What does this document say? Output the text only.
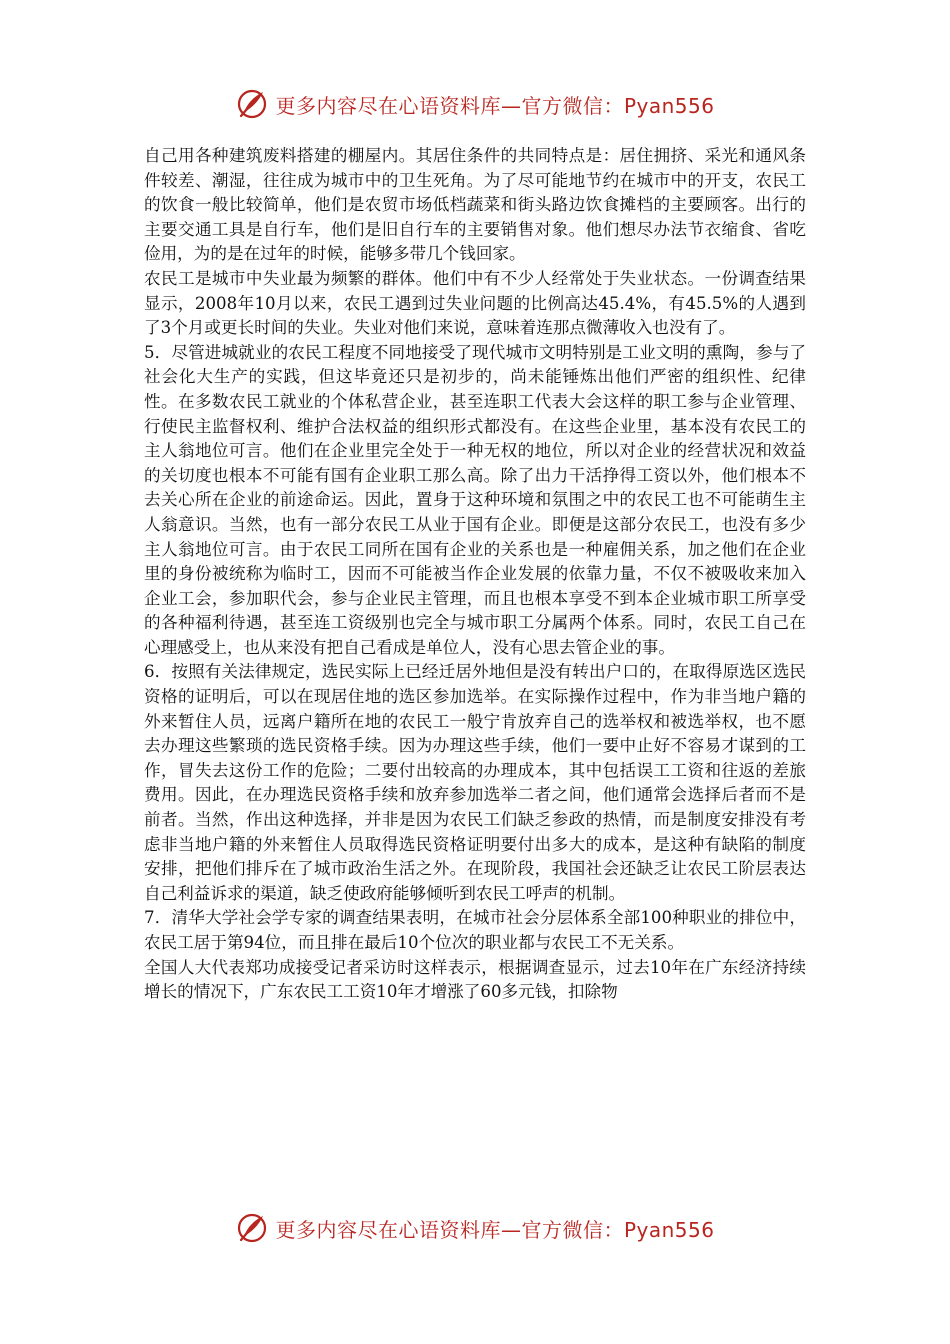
更多内容尽在心语资料库—官方微信：Pyan556

自己用各种建筑废料搭建的棚屋内。其居住条件的共同特点是：居住拥挤、采光和通风条件较差、潮湿，往往成为城市中的卫生死角。为了尽可能地节约在城市中的开支，农民工的饮食一般比较简单，他们是农贸市场低档蔬菜和街头路边饮食摊档的主要顾客。出行的主要交通工具是自行车，他们是旧自行车的主要销售对象。他们想尽办法节衣缩食、省吃俭用，为的是在过年的时候，能够多带几个钱回家。

农民工是城市中失业最为频繁的群体。他们中有不少人经常处于失业状态。一份调查结果显示，2008年10月以来，农民工遇到过失业问题的比例高达45.4%，有45.5%的人遇到了3个月或更长时间的失业。失业对他们来说，意味着连那点微薄收入也没有了。

5．尽管进城就业的农民工程度不同地接受了现代城市文明特别是工业文明的熏陶，参与了社会化大生产的实践，但这毕竟还只是初步的，尚未能锤炼出他们严密的组织性、纪律性。在多数农民工就业的个体私营企业，甚至连职工代表大会这样的职工参与企业管理、行使民主监督权利、维护合法权益的组织形式都没有。在这些企业里，基本没有农民工的主人翁地位可言。他们在企业里完全处于一种无权的地位，所以对企业的经营状况和效益的关切度也根本不可能有国有企业职工那么高。除了出力干活挣得工资以外，他们根本不去关心所在企业的前途命运。因此，置身于这种环境和氛围之中的农民工也不可能萌生主人翁意识。当然，也有一部分农民工从业于国有企业。即便是这部分农民工，也没有多少主人翁地位可言。由于农民工同所在国有企业的关系也是一种雇佣关系，加之他们在企业里的身份被统称为临时工，因而不可能被当作企业发展的依靠力量，不仅不被吸收来加入企业工会，参加职代会，参与企业民主管理，而且也根本享受不到本企业城市职工所享受的各种福利待遇，甚至连工资级别也完全与城市职工分属两个体系。同时，农民工自己在心理感受上，也从来没有把自己看成是单位人，没有心思去管企业的事。

6．按照有关法律规定，选民实际上已经迁居外地但是没有转出户口的，在取得原选区选民资格的证明后，可以在现居住地的选区参加选举。在实际操作过程中，作为非当地户籍的外来暂住人员，远离户籍所在地的农民工一般宁肯放弃自己的选举权和被选举权，也不愿去办理这些繁琐的选民资格手续。因为办理这些手续，他们一要中止好不容易才谋到的工作，冒失去这份工作的危险；二要付出较高的办理成本，其中包括误工工资和往返的差旅费用。因此，在办理选民资格手续和放弃参加选举二者之间，他们通常会选择后者而不是前者。当然，作出这种选择，并非是因为农民工们缺乏参政的热情，而是制度安排没有考虑非当地户籍的外来暂住人员取得选民资格证明要付出多大的成本，是这种有缺陷的制度安排，把他们排斥在了城市政治生活之外。在现阶段，我国社会还缺乏让农民工阶层表达自己利益诉求的渠道，缺乏使政府能够倾听到农民工呼声的机制。

7．清华大学社会学专家的调查结果表明，在城市社会分层体系全部100种职业的排位中，农民工居于第94位，而且排在最后10个位次的职业都与农民工不无关系。

全国人大代表郑功成接受记者采访时这样表示，根据调查显示，过去10年在广东经济持续增长的情况下，广东农民工工资10年才增涨了60多元钱，扣除物

更多内容尽在心语资料库—官方微信：Pyan556
